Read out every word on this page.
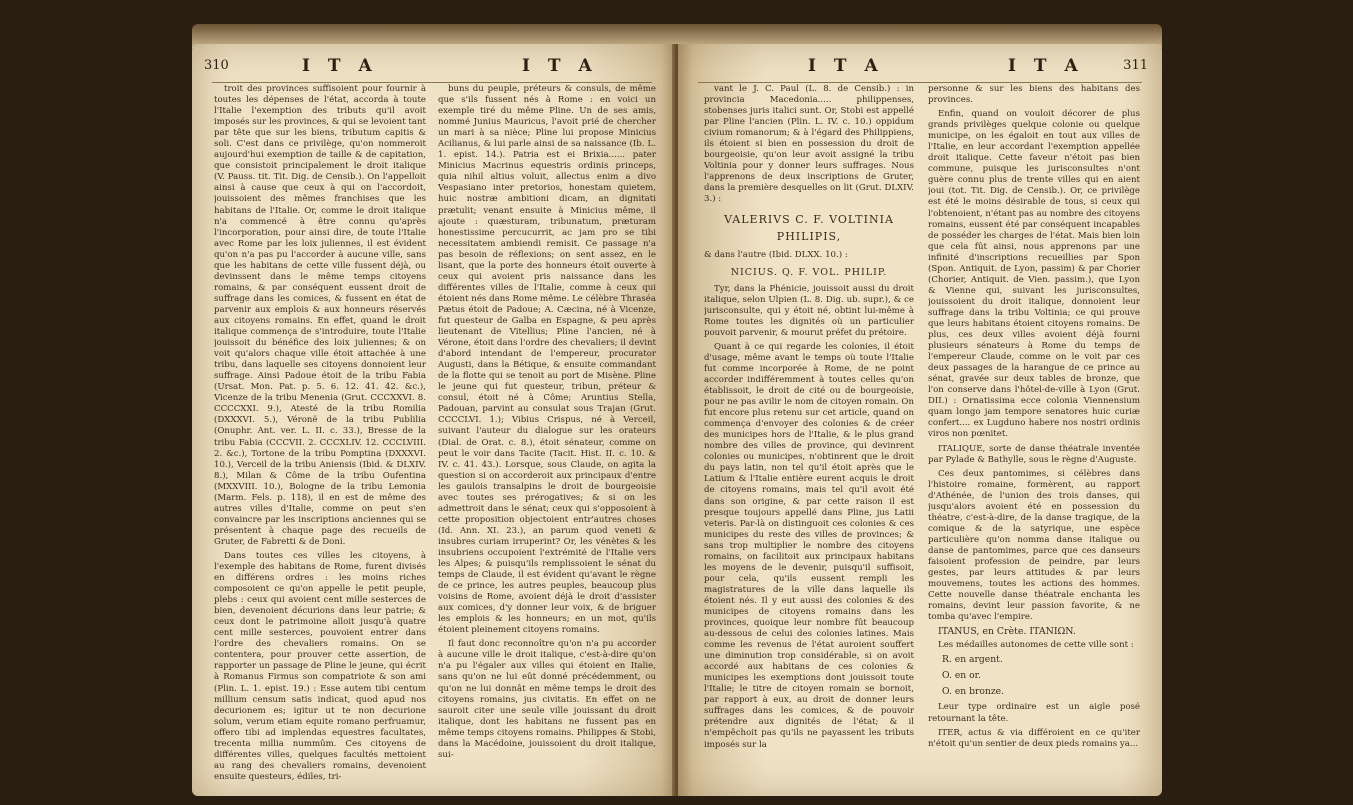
310	I T A	I T A

troit des provinces suffisoient pour fournir à toutes les dépenses de l'état, accorda à toute l'Italie l'exemption des tributs qu'il avoit imposés sur les provinces, & qui se levoient tant par tête que sur les biens, tributum capitis & soli. C'est dans ce privilège, qu'on nommeroit aujourd'hui exemption de taille & de capitation, que consistoit principalement le droit italique (V. Pauss. tit. Tit. Dig. de Censib.). On l'appelloit ainsi à cause que ceux à qui on l'accordoit, jouissoient des mêmes franchises que les habitans de l'Italie. Or, comme le droit italique n'a commencé à être connu qu'après l'incorporation, pour ainsi dire, de toute l'Italie avec Rome par les loix juliennes, il est évident qu'on n'a pas pu l'accorder à aucune ville, sans que les habitans de cette ville fussent déjà, ou devinssent dans le même temps citoyens romains, & par conséquent eussent droit de suffrage dans les comices, & fussent en état de parvenir aux emplois & aux honneurs réservés aux citoyens romains. En effet, quand le droit italique commença de s'introduire, toute l'Italie jouissoit du bénéfice des loix juliennes; & on voit qu'alors chaque ville étoit attachée à une tribu, dans laquelle ses citoyens donnoient leur suffrage. Ainsi Padoue étoit de la tribu Fabia (Ursat. Mon. Pat. p. 5. 6. 12. 41. 42. &c.), Vicenze de la tribu Menenia (Grut. CCCXXVI. 8. CCCCXXI. 9.), Atesté de la tribu Romilia (DXXXVI. 5.), Véronë de la tribu Publilia (Onuphr. Ant. ver. L. II. c. 33.), Bresse de la tribu Fabia (CCCVII. 2. CCCXLIV. 12. CCCLVIII. 2. &c.), Tortone de la tribu Pomptina (DXXXVI. 10.), Verceil de la tribu Aniensis (Ibid. & DLXIV. 8.), Milan & Côme de la tribu Oufentina (MXXVIII. 10.), Bologne de la tribu Lemonia (Marm. Fels. p. 118), il en est de même des autres villes d'Italie, comme on peut s'en convaincre par les inscriptions anciennes qui se présentent à chaque page des recueils de Gruter, de Fabretti & de Doni.

Dans toutes ces villes les citoyens, à l'exemple des habitans de Rome, furent divisés en différens ordres : les moins riches composoient ce qu'on appelle le petit peuple, plebs : ceux qui avoient cent mille sesterces de bien, devenoient décurions dans leur patrie; & ceux dont le patrimoine alloit jusqu'à quatre cent mille sesterces, pouvoient entrer dans l'ordre des chevaliers romains. On se contentera, pour prouver cette assertion, de rapporter un passage de Pline le jeune, qui écrit à Romanus Firmus son compatriote & son ami (Plin. L. 1. epist. 19.) : Esse autem tibi centum millium censum satis indicat, quod apud nos decurionem es; igitur ut te non decurione solum, verum etiam equite romano perfruamur, offero tibi ad implendas equestres facultates, trecenta millia nummûm. Ces citoyens de différentes villes, quelques facultés mettoient au rang des chevaliers romains, devenoient ensuite questeurs, édiles, tri-

buns du peuple, préteurs & consuls, de même que s'ils fussent nés à Rome : en voici un exemple tiré du même Pline. Un de ses amis, nommé Junius Mauricus, l'avoit prié de chercher un mari à sa nièce; Pline lui propose Minicius Acilianus, & lui parle ainsi de sa naissance (Ib. L. 1. epist. 14.). Patria est ei Brixia...... pater Minicius Macrinus equestris ordinis princeps, quia nihil altius voluit, allectus enim a divo Vespasiano inter pretorios, honestam quietem, huic nostræ ambitioni dicam, an dignitati prætulit; venant ensuite à Minicius même, il ajoute : quæsturam, tribunatum, præturam honestissime percucurrit, ac jam pro se tibi necessitatem ambiendi remisit. Ce passage n'a pas besoin de réflexions; on sent assez, en le lisant, que la porte des honneurs étoit ouverte à ceux qui avoient pris naissance dans les différentes villes de l'Italie, comme à ceux qui étoient nés dans Rome même. Le célèbre Thraséa Pætus étoit de Padoue; A. Cæcina, né à Vicenze, fut questeur de Galba en Espagne, & peu après lieutenant de Vitellius; Pline l'ancien, né à Vérone, étoit dans l'ordre des chevaliers; il devint d'abord intendant de l'empereur, procurator Augusti, dans la Bétique, & ensuite commandant de la flotte qui se tenoit au port de Misène. Pline le jeune qui fut questeur, tribun, préteur & consul, étoit né à Côme; Aruntius Stella, Padouan, parvint au consulat sous Trajan (Grut. CCCCLVI. 1.); Vibius Crispus, né à Verceil, suivant l'auteur du dialogue sur les orateurs (Dial. de Orat. c. 8.), étoit sénateur, comme on peut le voir dans Tacite (Tacit. Hist. II. c. 10. & IV. c. 41. 43.). Lorsque, sous Claude, on agita la question si on accorderoit aux principaux d'entre les gaulois transalpins le droit de bourgeoisie avec toutes ses prérogatives; & si on les admettroit dans le sénat; ceux qui s'opposoient à cette proposition objectoient entr'autres choses (Id. Ann. XI. 23.), an parum quod veneti & insubres curiam irruperint? Or, les vénètes & les insubriens occupoient l'extrémité de l'Italie vers les Alpes; & puisqu'ils remplissoient le sénat du temps de Claude, il est évident qu'avant le règne de ce prince, les autres peuples, beaucoup plus voisins de Rome, avoient déjà le droit d'assister aux comices, d'y donner leur voix, & de briguer les emplois & les honneurs; en un mot, qu'ils étoient pleinement citoyens romains.

Il faut donc reconnoître qu'on n'a pu accorder à aucune ville le droit italique, c'est-à-dire qu'on n'a pu l'égaler aux villes qui étoient en Italie, sans qu'on ne lui eût donné précédemment, ou qu'on ne lui donnât en même temps le droit des citoyens romains, jus civitatis. En effet on ne sauroit citer une seule ville jouissant du droit italique, dont les habitans ne fussent pas en même temps citoyens romains. Philippes & Stobi, dans la Macédoine, jouissoient du droit italique, sui-

I T A	I T A	311

vant le J. C. Paul (L. 8. de Censib.) : in provincia Macedonia..... philippenses, stobenses juris italici sunt. Or, Stobi est appellé par Pline l'ancien (Plin. L. IV. c. 10.) oppidum civium romanorum; & à l'égard des Philippiens, ils étoient si bien en possession du droit de bourgeoisie, qu'on leur avoit assigné la tribu Voltinia pour y donner leurs suffrages. Nous l'apprenons de deux inscriptions de Gruter, dans la première desquelles on lit (Grut. DLXIV. 3.) :

VALERIVS C. F. VOLTINIA

PHILIPIS,

& dans l'autre (Ibid. DLXX. 10.) :

NICIUS. Q. F. VOL. PHILIP.

Tyr, dans la Phénicie, jouissoit aussi du droit italique, selon Ulpien (L. 8. Dig. ub. supr.), & ce jurisconsulte, qui y étoit né, obtint lui-même à Rome toutes les dignités où un particulier pouvoit parvenir, & mourut préfet du prétoire.

Quant à ce qui regarde les colonies, il étoit d'usage, même avant le temps où toute l'Italie fut comme incorporée à Rome, de ne point accorder indifféremment à toutes celles qu'on établissoit, le droit de cité ou de bourgeoisie, pour ne pas avilir le nom de citoyen romain. On fut encore plus retenu sur cet article, quand on commença d'envoyer des colonies & de créer des municipes hors de l'Italie, & le plus grand nombre des villes de province, qui devinrent colonies ou municipes, n'obtinrent que le droit du pays latin, non tel qu'il étoit après que le Latium & l'Italie entière eurent acquis le droit de citoyens romains, mais tel qu'il avoit été dans son origine, & par cette raison il est presque toujours appellé dans Pline, jus Latii veteris. Par-là on distinguoit ces colonies & ces municipes du reste des villes de provinces; & sans trop multiplier le nombre des citoyens romains, on facilitoit aux principaux habitans les moyens de le devenir, puisqu'il suffisoit, pour cela, qu'ils eussent rempli les magistratures de la ville dans laquelle ils étoient nés. Il y eut aussi des colonies & des municipes de citoyens romains dans les provinces, quoique leur nombre fût beaucoup au-dessous de celui des colonies latines. Mais comme les revenus de l'état auroient souffert une diminution trop considérable, si on avoit accordé aux habitans de ces colonies & municipes les exemptions dont jouissoit toute l'Italie; le titre de citoyen romain se bornoit, par rapport à eux, au droit de donner leurs suffrages dans les comices, & de pouvoir prétendre aux dignités de l'état; & il n'empêchoit pas qu'ils ne payassent les tributs imposés sur la

personne & sur les biens des habitans des provinces.

Enfin, quand on vouloit décorer de plus grands privilèges quelque colonie ou quelque municipe, on les égaloit en tout aux villes de l'Italie, en leur accordant l'exemption appellée droit italique. Cette faveur n'étoit pas bien commune, puisque les jurisconsultes n'ont guère connu plus de trente villes qui en aient joui (tot. Tit. Dig. de Censib.). Or, ce privilège est été le moins désirable de tous, si ceux qui l'obtenoient, n'étant pas au nombre des citoyens romains, eussent été par conséquent incapables de posséder les charges de l'état. Mais bien loin que cela fût ainsi, nous apprenons par une infinité d'inscriptions recueillies par Spon (Spon. Antiquit. de Lyon, passim) & par Chorier (Chorier, Antiquit. de Vien. passim.), que Lyon & Vienne qui, suivant les jurisconsultes, jouissoient du droit italique, donnoient leur suffrage dans la tribu Voltinia; ce qui prouve que leurs habitans étoient citoyens romains. De plus, ces deux villes avoient déjà fourni plusieurs sénateurs à Rome du temps de l'empereur Claude, comme on le voit par ces deux passages de la harangue de ce prince au sénat, gravée sur deux tables de bronze, que l'on conserve dans l'hôtel-de-ville à Lyon (Grut. DII.) : Ornatissima ecce colonia Viennensium quam longo jam tempore senatores huic curiæ confert.... ex Lugduno habere nos nostri ordinis viros non pœnitet.

ITALIQUE, sorte de danse théatrale inventée par Pylade & Bathylle, sous le règne d'Auguste.

Ces deux pantomimes, si célèbres dans l'histoire romaine, formèrent, au rapport d'Athénée, de l'union des trois danses, qui jusqu'alors avoient été en possession du théatre, c'est-à-dire, de la danse tragique, de la comique & de la satyrique, une espèce particulière qu'on nomma danse italique ou danse de pantomimes, parce que ces danseurs faisoient profession de peindre, par leurs gestes, par leurs attitudes & par leurs mouvemens, toutes les actions des hommes. Cette nouvelle danse théatrale enchanta les romains, devint leur passion favorite, & ne tomba qu'avec l'empire.

ITANUS, en Crète. ITANIΩN.

Les médailles autonomes de cette ville sont :

R. en argent.

O. en or.

O. en bronze.

Leur type ordinaire est un aigle posé retournant la tête.

ITER, actus & via différoient en ce qu'iter n'étoit qu'un sentier de deux pieds romains ya...
